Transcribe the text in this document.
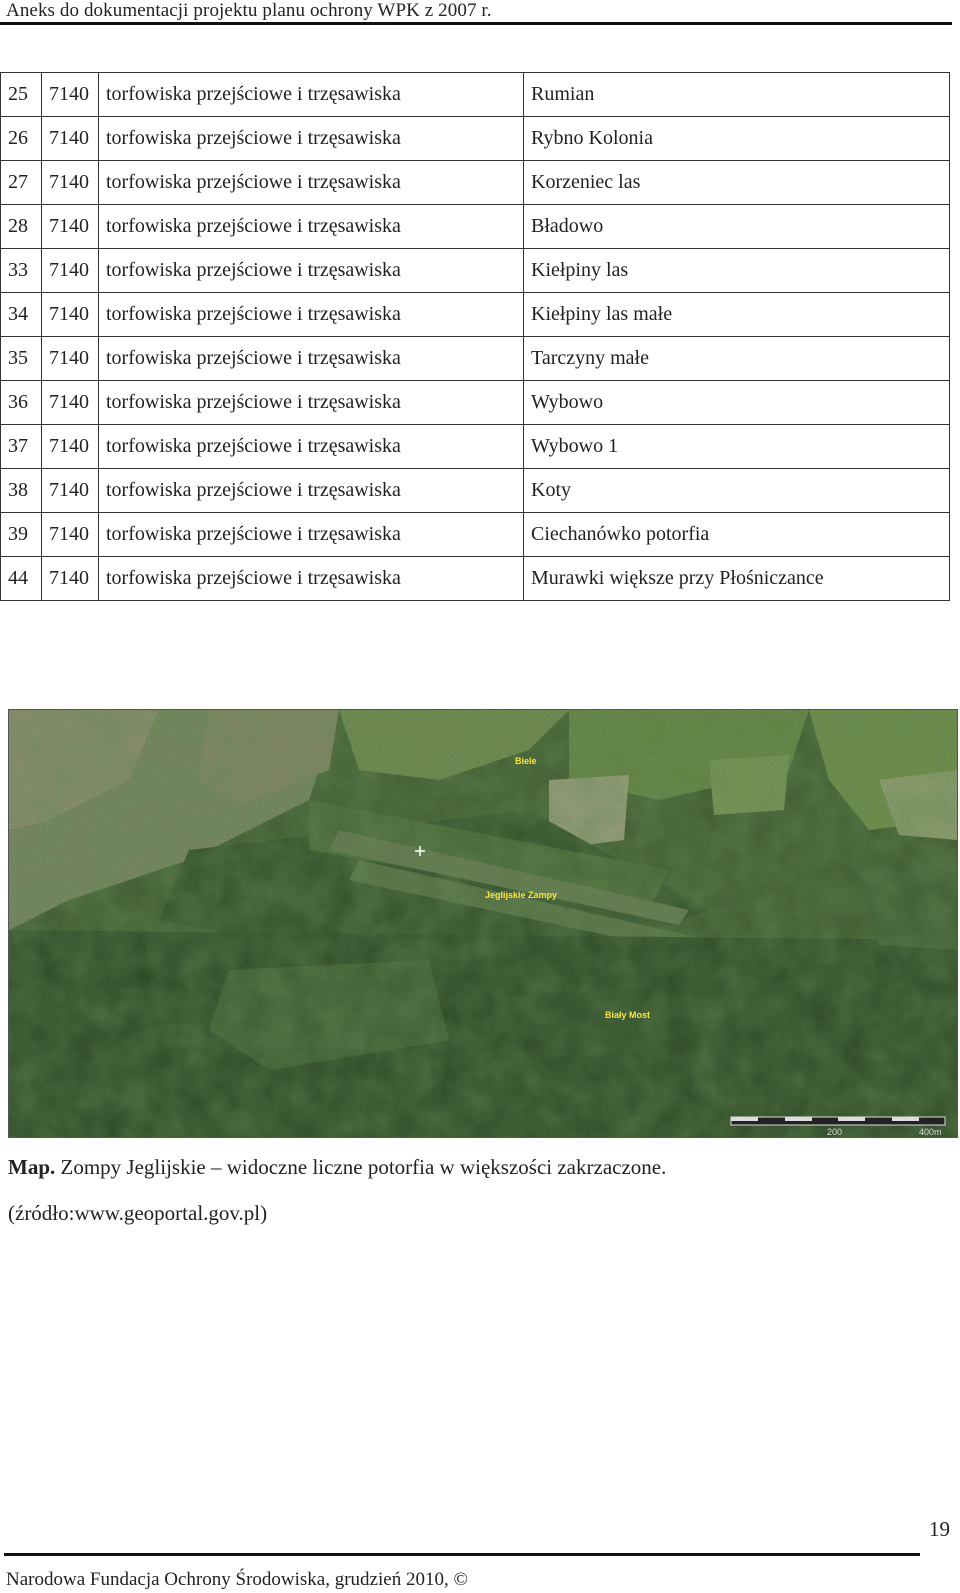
Aneks do dokumentacji projektu planu ochrony WPK z 2007 r.
25	7140	torfowiska przejściowe i trzęsawiska	Rumian
26	7140	torfowiska przejściowe i trzęsawiska	Rybno Kolonia
27	7140	torfowiska przejściowe i trzęsawiska	Korzeniec las
28	7140	torfowiska przejściowe i trzęsawiska	Bładowo
33	7140	torfowiska przejściowe i trzęsawiska	Kiełpiny las
34	7140	torfowiska przejściowe i trzęsawiska	Kiełpiny las małe
35	7140	torfowiska przejściowe i trzęsawiska	Tarczyny małe
36	7140	torfowiska przejściowe i trzęsawiska	Wybowo
37	7140	torfowiska przejściowe i trzęsawiska	Wybowo 1
38	7140	torfowiska przejściowe i trzęsawiska	Koty
39	7140	torfowiska przejściowe i trzęsawiska	Ciechanówko potorfia
44	7140	torfowiska przejściowe i trzęsawiska	Murawki większe przy Płośniczance
Biele
Jeglijskie Zampy
Biały Most
200	400m
Map. Zompy Jeglijskie – widoczne liczne potorfia w większości zakrzaczone.
(źródło:www.geoportal.gov.pl)
19
Narodowa Fundacja Ochrony Środowiska, grudzień 2010, ©
